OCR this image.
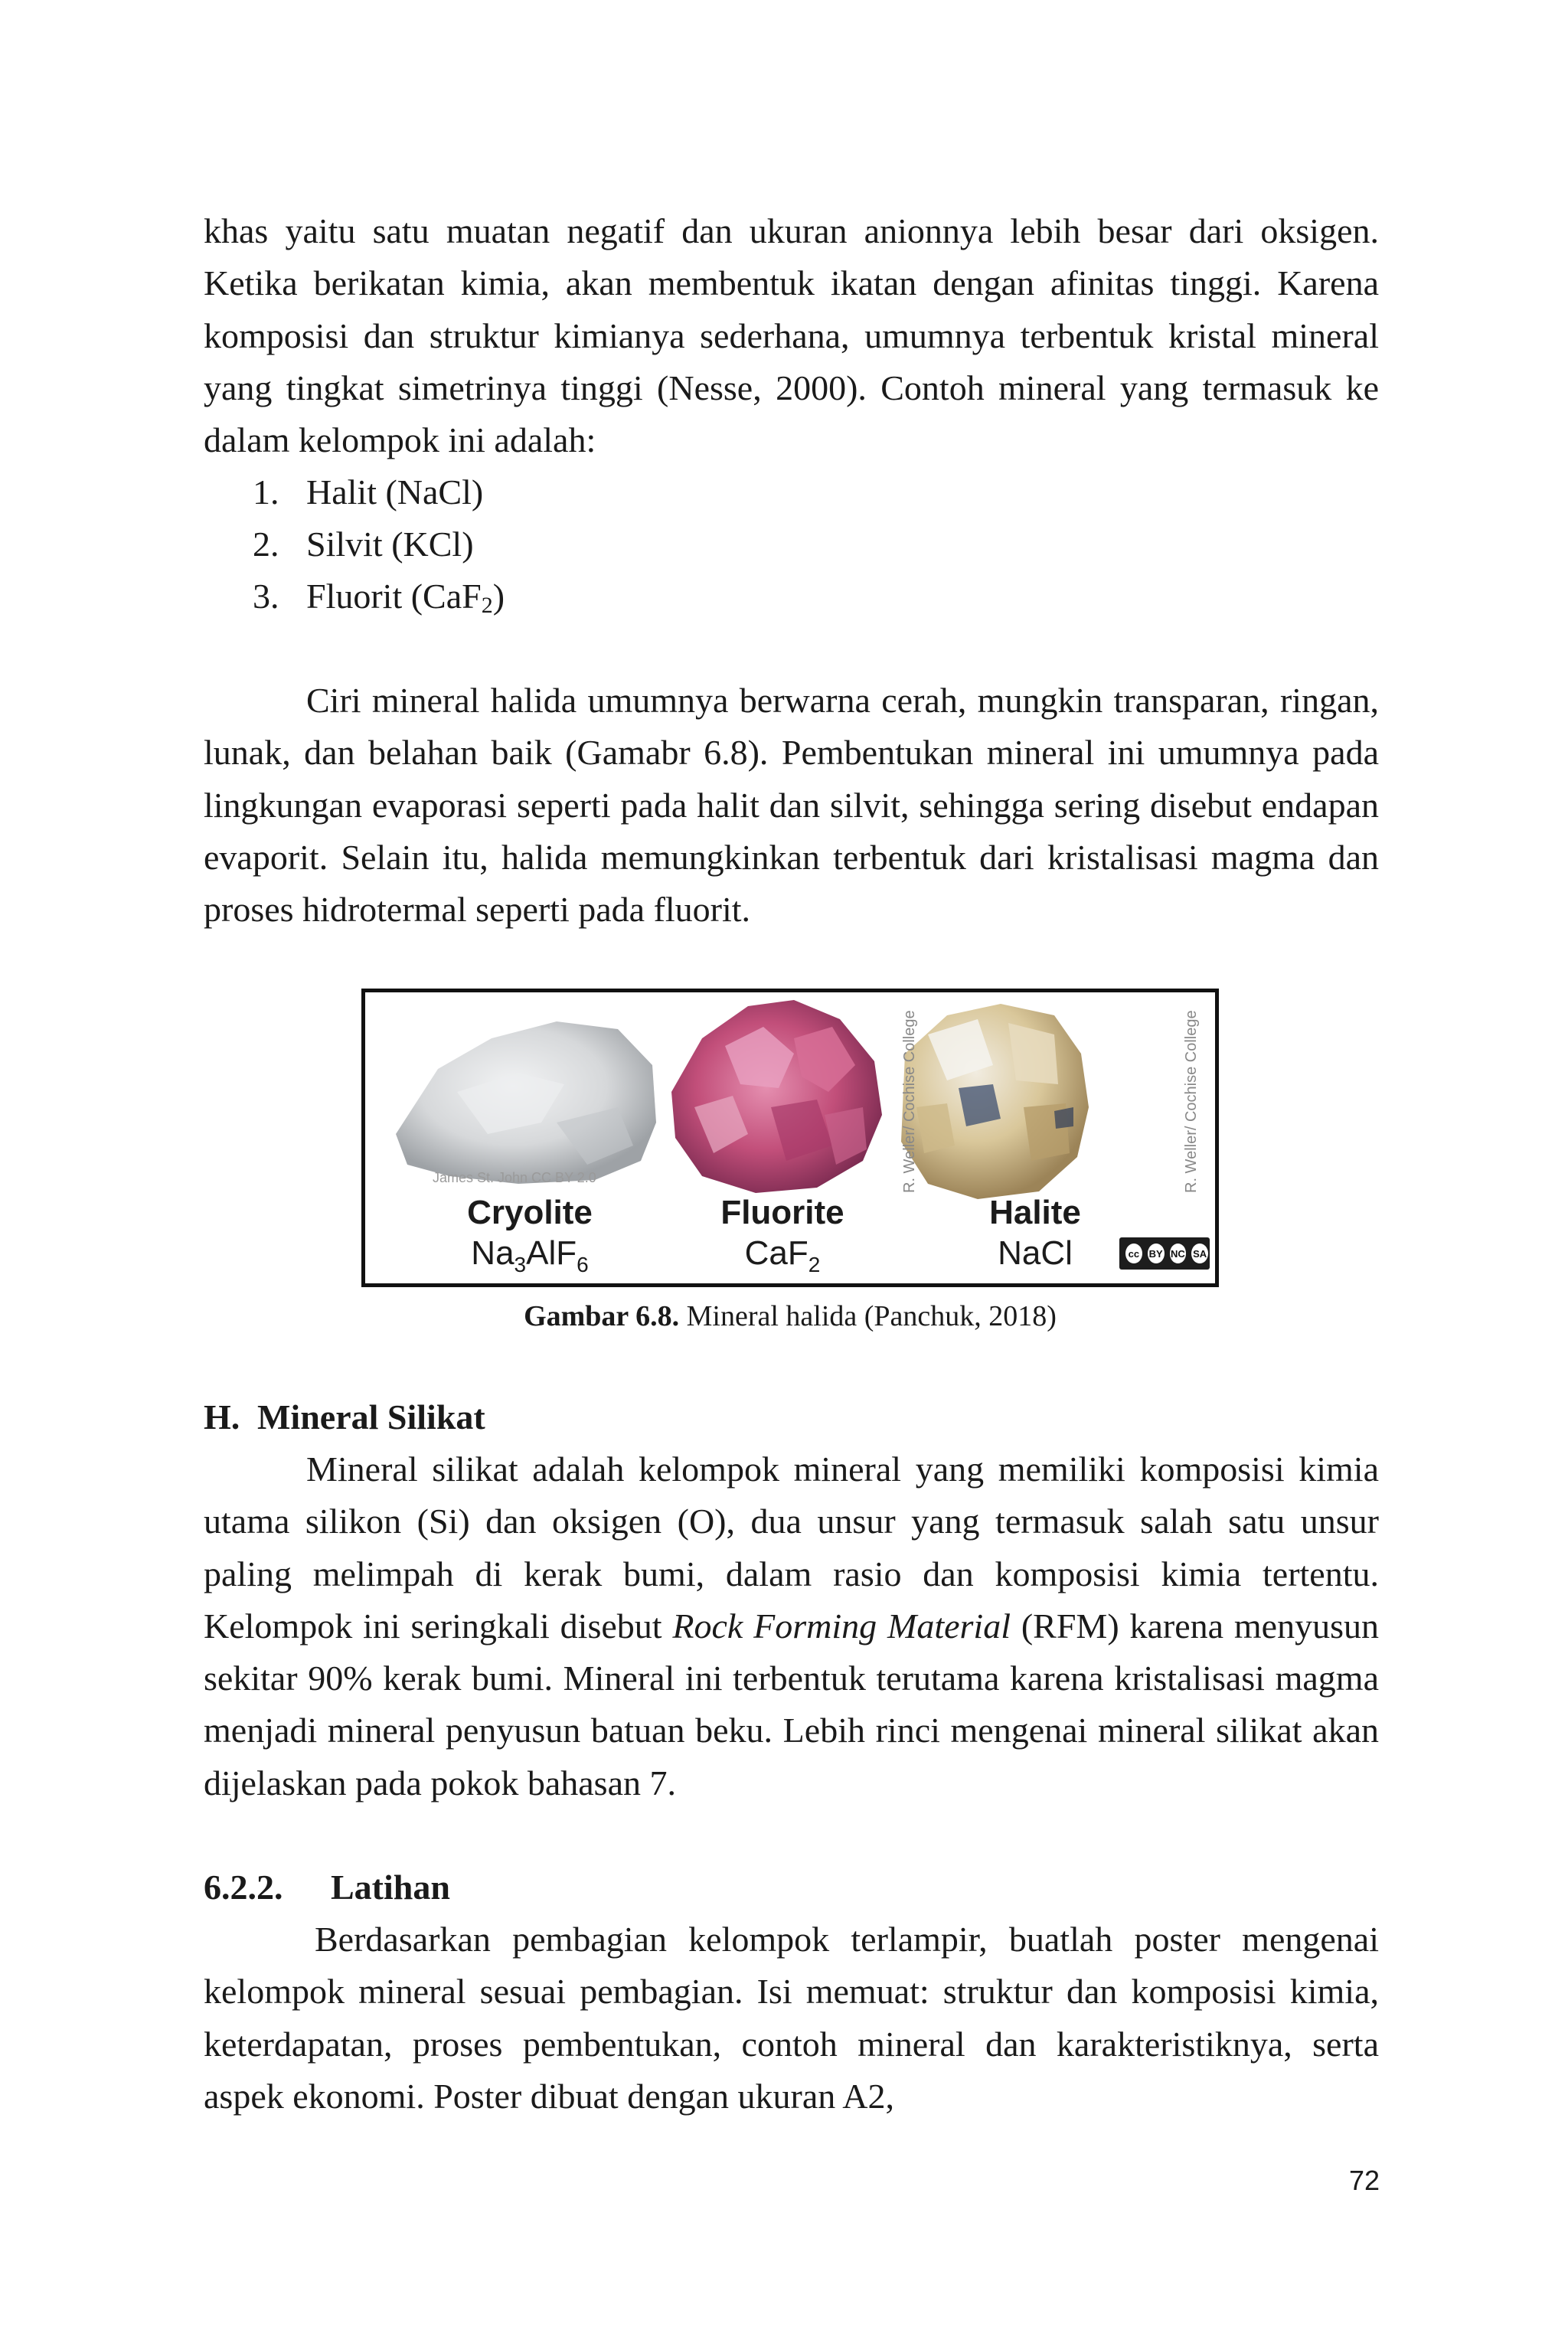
khas yaitu satu muatan negatif dan ukuran anionnya lebih besar dari oksigen. Ketika berikatan kimia, akan membentuk ikatan dengan afinitas tinggi. Karena komposisi dan struktur kimianya sederhana, umumnya terbentuk kristal mineral yang tingkat simetrinya tinggi (Nesse, 2000). Contoh mineral yang termasuk ke dalam kelompok ini adalah:

1. Halit (NaCl)
2. Silvit (KCl)
3. Fluorit (CaF$_2$)

Ciri mineral halida umumnya berwarna cerah, mungkin transparan, ringan, lunak, dan belahan baik (Gamabr 6.8). Pembentukan mineral ini umumnya pada lingkungan evaporasi seperti pada halit dan silvit, sehingga sering disebut endapan evaporit. Selain itu, halida memungkinkan terbentuk dari kristalisasi magma dan proses hidrotermal seperti pada fluorit.

James St. John CC BY 2.0	R. Weller/ Cochise College	R. Weller/ Cochise College
Cryolite
$Na_3AlF_6$
Fluorite
CaF$_2$
Halite
NaCl	cc BY NC SA
Gambar 6.8. Mineral halida (Panchuk, 2018)
H. Mineral Silikat

Mineral silikat adalah kelompok mineral yang memiliki komposisi kimia utama silikon (Si) dan oksigen (O), dua unsur yang termasuk salah satu unsur paling melimpah di kerak bumi, dalam rasio dan komposisi kimia tertentu. Kelompok ini seringkali disebut Rock Forming Material (RFM) karena menyusun sekitar 90% kerak bumi. Mineral ini terbentuk terutama karena kristalisasi magma menjadi mineral penyusun batuan beku. Lebih rinci mengenai mineral silikat akan dijelaskan pada pokok bahasan 7.

6.2.2. Latihan

Berdasarkan pembagian kelompok terlampir, buatlah poster mengenai kelompok mineral sesuai pembagian. Isi memuat: struktur dan komposisi kimia, keterdapatan, proses pembentukan, contoh mineral dan karakteristiknya, serta aspek ekonomi. Poster dibuat dengan ukuran A2,

72
